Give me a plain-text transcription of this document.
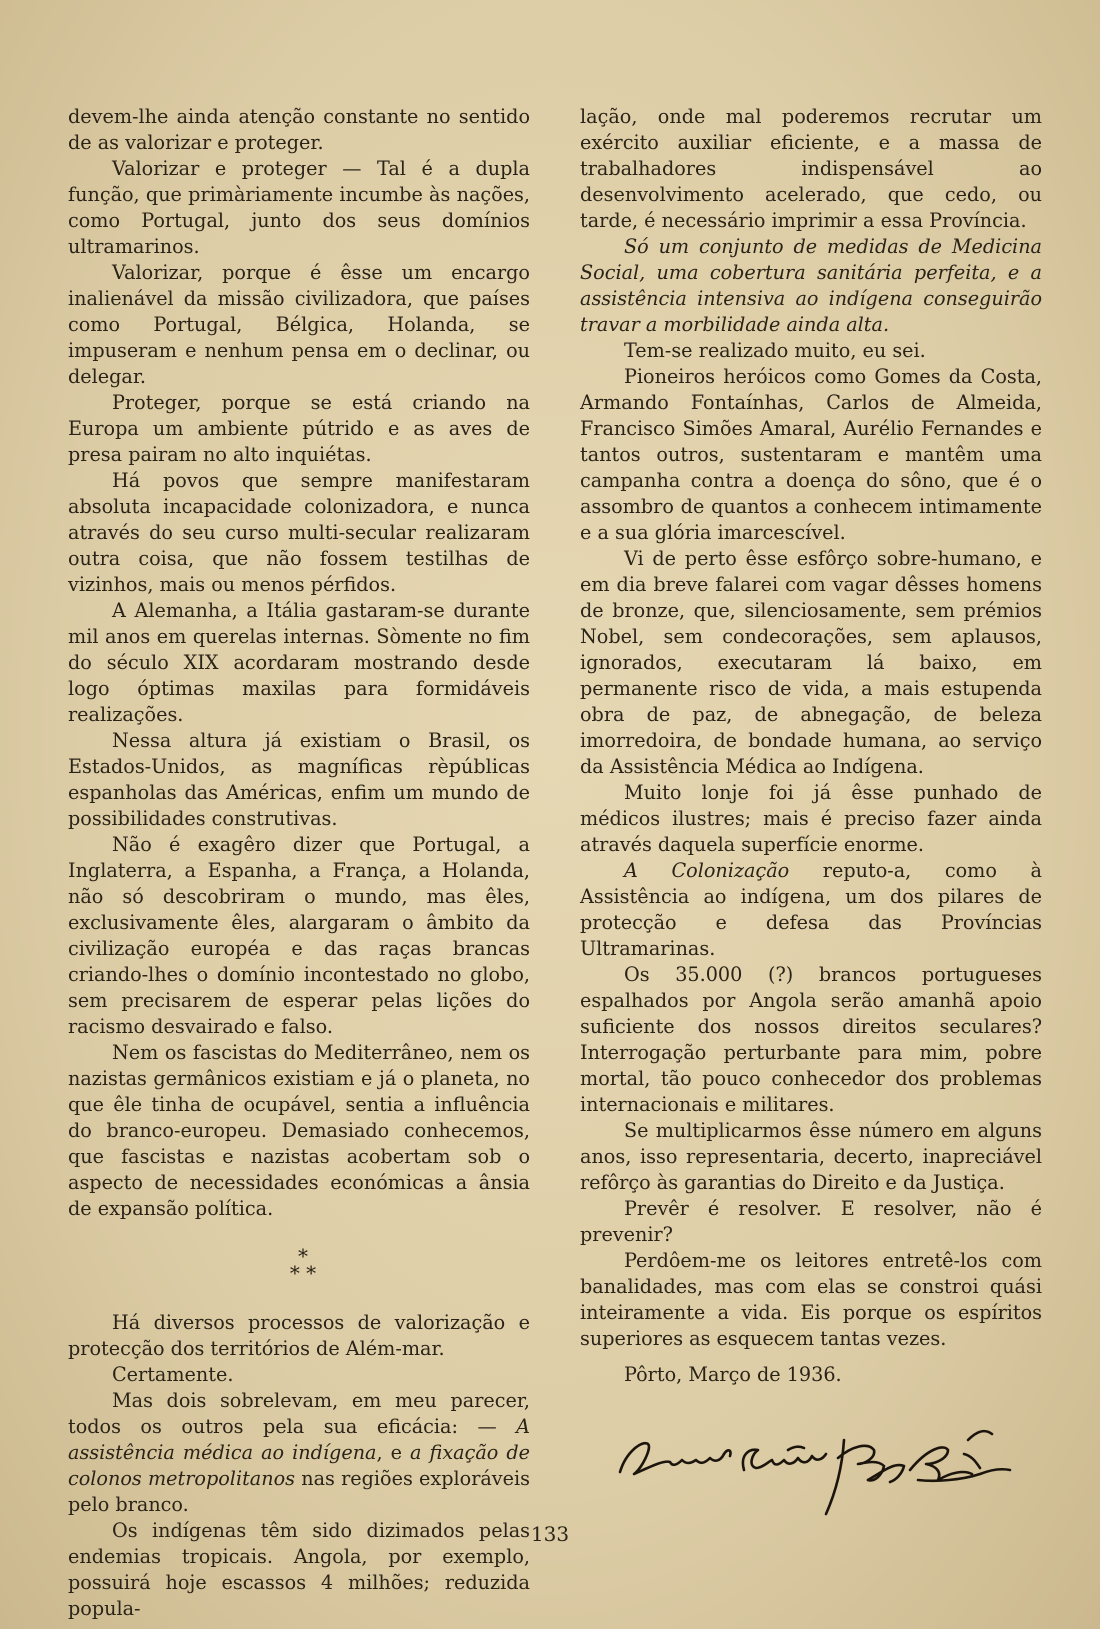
devem-lhe ainda atenção constante no sentido de as valorizar e proteger.

Valorizar e proteger — Tal é a dupla função, que primàriamente incumbe às nações, como Portugal, junto dos seus domínios ultramarinos.

Valorizar, porque é êsse um encargo inalienável da missão civilizadora, que países como Portugal, Bélgica, Holanda, se impuseram e nenhum pensa em o declinar, ou delegar.

Proteger, porque se está criando na Europa um ambiente pútrido e as aves de presa pairam no alto inquiétas.

Há povos que sempre manifestaram absoluta incapacidade colonizadora, e nunca através do seu curso multi-secular realizaram outra coisa, que não fossem testilhas de vizinhos, mais ou menos pérfidos.

A Alemanha, a Itália gastaram-se durante mil anos em querelas internas. Sòmente no fim do século XIX acordaram mostrando desde logo óptimas maxilas para formidáveis realizações.

Nessa altura já existiam o Brasil, os Estados-Unidos, as magníficas rèpúblicas espanholas das Américas, enfim um mundo de possibilidades construtivas.

Não é exagêro dizer que Portugal, a Inglaterra, a Espanha, a França, a Holanda, não só descobriram o mundo, mas êles, exclusivamente êles, alargaram o âmbito da civilização européa e das raças brancas criando-lhes o domínio incontestado no globo, sem precisarem de esperar pelas lições do racismo desvairado e falso.

Nem os fascistas do Mediterrâneo, nem os nazistas germânicos existiam e já o planeta, no que êle tinha de ocupável, sentia a influência do branco-europeu. Demasiado conhecemos, que fascistas e nazistas acobertam sob o aspecto de necessidades económicas a ânsia de expansão política.

*
* *

Há diversos processos de valorização e protecção dos territórios de Além-mar.

Certamente.

Mas dois sobrelevam, em meu parecer, todos os outros pela sua eficácia: — A assistência médica ao indígena, e a fixação de colonos metropolitanos nas regiões exploráveis pelo branco.

Os indígenas têm sido dizimados pelas endemias tropicais. Angola, por exemplo, possuirá hoje escassos 4 milhões; reduzida popula-

lação, onde mal poderemos recrutar um exército auxiliar eficiente, e a massa de trabalhadores indispensável ao desenvolvimento acelerado, que cedo, ou tarde, é necessário imprimir a essa Província.

Só um conjunto de medidas de Medicina Social, uma cobertura sanitária perfeita, e a assistência intensiva ao indígena conseguirão travar a morbilidade ainda alta.

Tem-se realizado muito, eu sei.

Pioneiros heróicos como Gomes da Costa, Armando Fontaínhas, Carlos de Almeida, Francisco Simões Amaral, Aurélio Fernandes e tantos outros, sustentaram e mantêm uma campanha contra a doença do sôno, que é o assombro de quantos a conhecem intimamente e a sua glória imarcescível.

Vi de perto êsse esfôrço sobre-humano, e em dia breve falarei com vagar dêsses homens de bronze, que, silenciosamente, sem prémios Nobel, sem condecorações, sem aplausos, ignorados, executaram lá baixo, em permanente risco de vida, a mais estupenda obra de paz, de abnegação, de beleza imorredoira, de bondade humana, ao serviço da Assistência Médica ao Indígena.

Muito lonje foi já êsse punhado de médicos ilustres; mais é preciso fazer ainda através daquela superfície enorme.

A Colonização reputo-a, como à Assistência ao indígena, um dos pilares de protecção e defesa das Províncias Ultramarinas.

Os 35.000 (?) brancos portugueses espalhados por Angola serão amanhã apoio suficiente dos nossos direitos seculares? Interrogação perturbante para mim, pobre mortal, tão pouco conhecedor dos problemas internacionais e militares.

Se multiplicarmos êsse número em alguns anos, isso representaria, decerto, inapreciável refôrço às garantias do Direito e da Justiça.

Prevêr é resolver. E resolver, não é prevenir?

Perdôem-me os leitores entretê-los com banalidades, mas com elas se constroi quási inteiramente a vida. Eis porque os espíritos superiores as esquecem tantas vezes.

Pôrto, Março de 1936.

133
